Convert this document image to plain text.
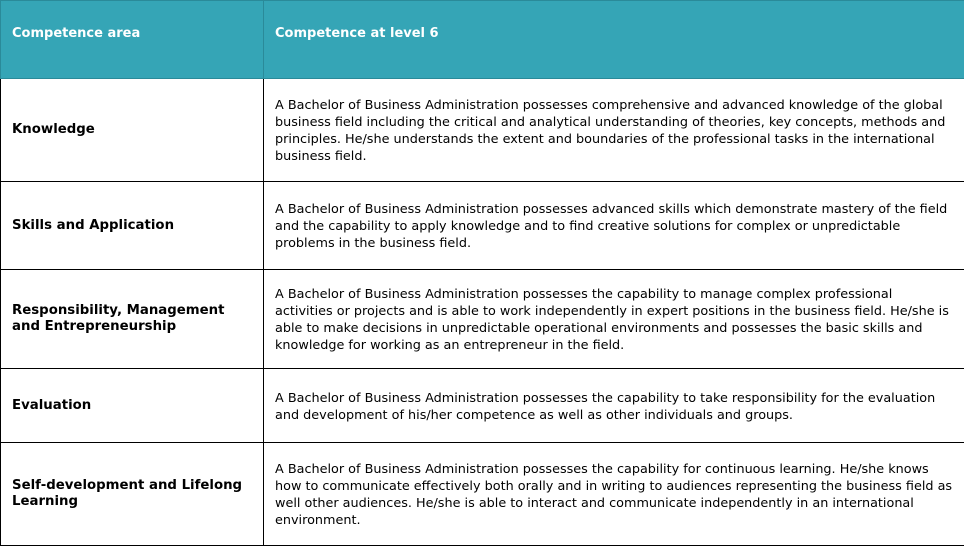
Competence area	Competence at level 6
Knowledge	A Bachelor of Business Administration possesses comprehensive and advanced knowledge of the global business field including the critical and analytical understanding of theories, key concepts, methods and principles. He/she understands the extent and boundaries of the professional tasks in the international business field.
Skills and Application	A Bachelor of Business Administration possesses advanced skills which demonstrate mastery of the field and the capability to apply knowledge and to find creative solutions for complex or unpredictable problems in the business field.
Responsibility, Management and Entrepreneurship	A Bachelor of Business Administration possesses the capability to manage complex professional activities or projects and is able to work independently in expert positions in the business field. He/she is able to make decisions in unpredictable operational environments and possesses the basic skills and knowledge for working as an entrepreneur in the field.
Evaluation	A Bachelor of Business Administration possesses the capability to take responsibility for the evaluation and development of his/her competence as well as other individuals and groups.
Self-development and Lifelong Learning	A Bachelor of Business Administration possesses the capability for continuous learning. He/she knows how to communicate effectively both orally and in writing to audiences representing the business field as well other audiences. He/she is able to interact and communicate independently in an international environment.
